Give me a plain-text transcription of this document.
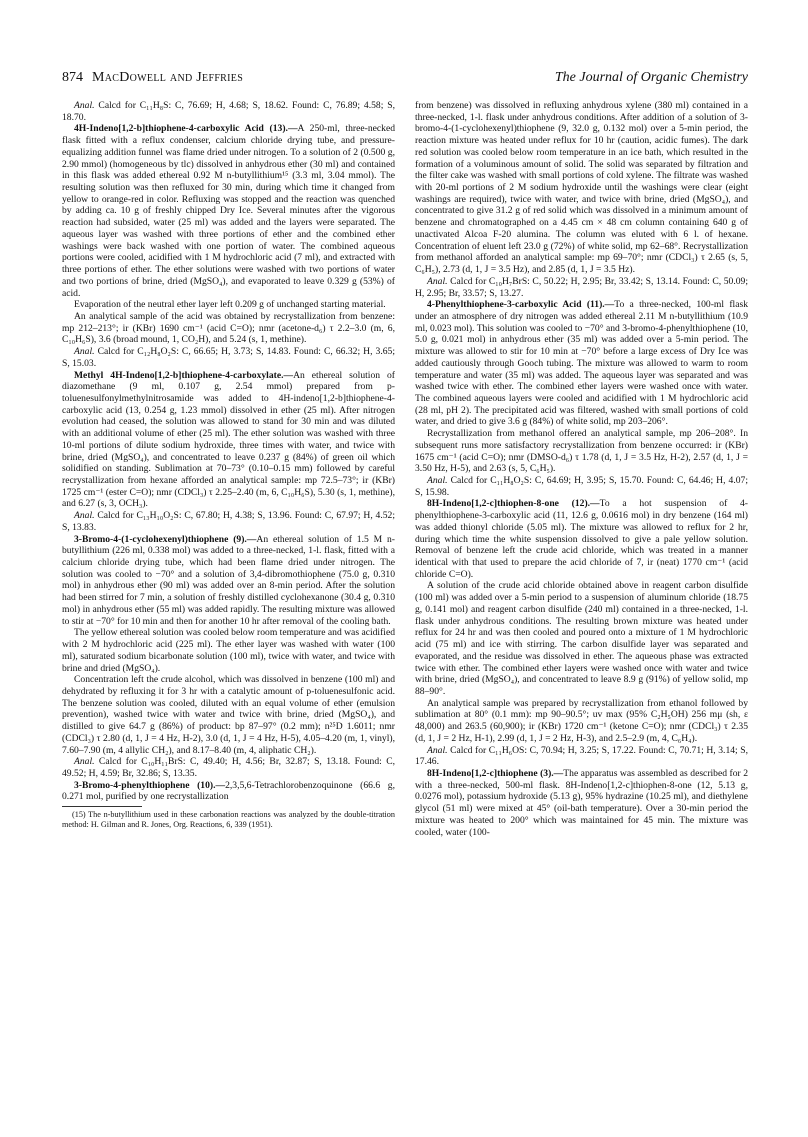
874 MacDowell and Jeffries	The Journal of Organic Chemistry

Anal. Calcd for C₁₁H₈S: C, 76.69; H, 4.68; S, 18.62. Found: C, 76.89; 4.58; S, 18.70.

4H-Indeno[1,2-b]thiophene-4-carboxylic Acid (13).—A 250-ml, three-necked flask fitted with a reflux condenser, calcium chloride drying tube, and pressure-equalizing addition funnel was flame dried under nitrogen. To a solution of 2 (0.500 g, 2.90 mmol) (homogeneous by tlc) dissolved in anhydrous ether (30 ml) and contained in this flask was added ethereal 0.92 M n-butyllithium¹⁵ (3.3 ml, 3.04 mmol). The resulting solution was then refluxed for 30 min, during which time it changed from yellow to orange-red in color. Refluxing was stopped and the reaction was quenched by adding ca. 10 g of freshly chipped Dry Ice. Several minutes after the vigorous reaction had subsided, water (25 ml) was added and the layers were separated. The aqueous layer was washed with three portions of ether and the combined ether washings were back washed with one portion of water. The combined aqueous portions were cooled, acidified with 1 M hydrochloric acid (7 ml), and extracted with three portions of ether. The ether solutions were washed with two portions of water and two portions of brine, dried (MgSO₄), and evaporated to leave 0.329 g (53%) of acid.

Evaporation of the neutral ether layer left 0.209 g of unchanged starting material.

An analytical sample of the acid was obtained by recrystallization from benzene: mp 212–213°; ir (KBr) 1690 cm⁻¹ (acid C=O); nmr (acetone-d₆) τ 2.2–3.0 (m, 6, C₁₀H₆S), 3.6 (broad mound, 1, CO₂H), and 5.24 (s, 1, methine).

Anal. Calcd for C₁₂H₈O₂S: C, 66.65; H, 3.73; S, 14.83. Found: C, 66.32; H, 3.65; S, 15.03.

Methyl 4H-Indeno[1,2-b]thiophene-4-carboxylate.—An ethereal solution of diazomethane (9 ml, 0.107 g, 2.54 mmol) prepared from p-toluenesulfonylmethylnitrosamide was added to 4H-indeno[1,2-b]thiophene-4-carboxylic acid (13, 0.254 g, 1.23 mmol) dissolved in ether (25 ml). After nitrogen evolution had ceased, the solution was allowed to stand for 30 min and was diluted with an additional volume of ether (25 ml). The ether solution was washed with three 10-ml portions of dilute sodium hydroxide, three times with water, and twice with brine, dried (MgSO₄), and concentrated to leave 0.237 g (84%) of green oil which solidified on standing. Sublimation at 70–73° (0.10–0.15 mm) followed by careful recrystallization from hexane afforded an analytical sample: mp 72.5–73°; ir (KBr) 1725 cm⁻¹ (ester C=O); nmr (CDCl₃) τ 2.25–2.40 (m, 6, C₁₀H₆S), 5.30 (s, 1, methine), and 6.27 (s, 3, OCH₃).

Anal. Calcd for C₁₃H₁₀O₂S: C, 67.80; H, 4.38; S, 13.96. Found: C, 67.97; H, 4.52; S, 13.83.

3-Bromo-4-(1-cyclohexenyl)thiophene (9).—An ethereal solution of 1.5 M n-butyllithium (226 ml, 0.338 mol) was added to a three-necked, 1-l. flask, fitted with a calcium chloride drying tube, which had been flame dried under nitrogen. The solution was cooled to −70° and a solution of 3,4-dibromothiophene (75.0 g, 0.310 mol) in anhydrous ether (90 ml) was added over an 8-min period. After the solution had been stirred for 7 min, a solution of freshly distilled cyclohexanone (30.4 g, 0.310 mol) in anhydrous ether (55 ml) was added rapidly. The resulting mixture was allowed to stir at −70° for 10 min and then for another 10 hr after removal of the cooling bath.

The yellow ethereal solution was cooled below room temperature and was acidified with 2 M hydrochloric acid (225 ml). The ether layer was washed with water (100 ml), saturated sodium bicarbonate solution (100 ml), twice with water, and twice with brine and dried (MgSO₄).

Concentration left the crude alcohol, which was dissolved in benzene (100 ml) and dehydrated by refluxing it for 3 hr with a catalytic amount of p-toluenesulfonic acid. The benzene solution was cooled, diluted with an equal volume of ether (emulsion prevention), washed twice with water and twice with brine, dried (MgSO₄), and distilled to give 64.7 g (86%) of product: bp 87–97° (0.2 mm); n²⁵D 1.6011; nmr (CDCl₃) τ 2.80 (d, 1, J = 4 Hz, H-2), 3.0 (d, 1, J = 4 Hz, H-5), 4.05–4.20 (m, 1, vinyl), 7.60–7.90 (m, 4 allylic CH₂), and 8.17–8.40 (m, 4, aliphatic CH₂).

Anal. Calcd for C₁₀H₁₁BrS: C, 49.40; H, 4.56; Br, 32.87; S, 13.18. Found: C, 49.52; H, 4.59; Br, 32.86; S, 13.35.

3-Bromo-4-phenylthiophene (10).—2,3,5,6-Tetrachlorobenzoquinone (66.6 g, 0.271 mol, purified by one recrystallization

(15) The n-butyllithium used in these carbonation reactions was analyzed by the double-titration method: H. Gilman and R. Jones, Org. Reactions, 6, 339 (1951).

from benzene) was dissolved in refluxing anhydrous xylene (380 ml) contained in a three-necked, 1-l. flask under anhydrous conditions. After addition of a solution of 3-bromo-4-(1-cyclohexenyl)thiophene (9, 32.0 g, 0.132 mol) over a 5-min period, the reaction mixture was heated under reflux for 10 hr (caution, acidic fumes). The dark red solution was cooled below room temperature in an ice bath, which resulted in the formation of a voluminous amount of solid. The solid was separated by filtration and the filter cake was washed with small portions of cold xylene. The filtrate was washed with 20-ml portions of 2 M sodium hydroxide until the washings were clear (eight washings are required), twice with water, and twice with brine, dried (MgSO₄), and concentrated to give 31.2 g of red solid which was dissolved in a minimum amount of benzene and chromatographed on a 4.45 cm × 48 cm column containing 640 g of unactivated Alcoa F-20 alumina. The column was eluted with 6 l. of hexane. Concentration of eluent left 23.0 g (72%) of white solid, mp 62–68°. Recrystallization from methanol afforded an analytical sample: mp 69–70°; nmr (CDCl₃) τ 2.65 (s, 5, C₆H₅), 2.73 (d, 1, J = 3.5 Hz), and 2.85 (d, 1, J = 3.5 Hz).

Anal. Calcd for C₁₀H₇BrS: C, 50.22; H, 2.95; Br, 33.42; S, 13.14. Found: C, 50.09; H, 2.95; Br, 33.57; S, 13.27.

4-Phenylthiophene-3-carboxylic Acid (11).—To a three-necked, 100-ml flask under an atmosphere of dry nitrogen was added ethereal 2.11 M n-butyllithium (10.9 ml, 0.023 mol). This solution was cooled to −70° and 3-bromo-4-phenylthiophene (10, 5.0 g, 0.021 mol) in anhydrous ether (35 ml) was added over a 5-min period. The mixture was allowed to stir for 10 min at −70° before a large excess of Dry Ice was added cautiously through Gooch tubing. The mixture was allowed to warm to room temperature and water (35 ml) was added. The aqueous layer was separated and was washed twice with ether. The combined ether layers were washed once with water. The combined aqueous layers were cooled and acidified with 1 M hydrochloric acid (28 ml, pH 2). The precipitated acid was filtered, washed with small portions of cold water, and dried to give 3.6 g (84%) of white solid, mp 203–206°.

Recrystallization from methanol offered an analytical sample, mp 206–208°. In subsequent runs more satisfactory recrystallization from benzene occurred: ir (KBr) 1675 cm⁻¹ (acid C=O); nmr (DMSO-d₆) τ 1.78 (d, 1, J = 3.5 Hz, H-2), 2.57 (d, 1, J = 3.50 Hz, H-5), and 2.63 (s, 5, C₆H₅).

Anal. Calcd for C₁₁H₈O₂S: C, 64.69; H, 3.95; S, 15.70. Found: C, 64.46; H, 4.07; S, 15.98.

8H-Indeno[1,2-c]thiophen-8-one (12).—To a hot suspension of 4-phenylthiophene-3-carboxylic acid (11, 12.6 g, 0.0616 mol) in dry benzene (164 ml) was added thionyl chloride (5.05 ml). The mixture was allowed to reflux for 2 hr, during which time the white suspension dissolved to give a pale yellow solution. Removal of benzene left the crude acid chloride, which was treated in a manner identical with that used to prepare the acid chloride of 7, ir (neat) 1770 cm⁻¹ (acid chloride C=O).

A solution of the crude acid chloride obtained above in reagent carbon disulfide (100 ml) was added over a 5-min period to a suspension of aluminum chloride (18.75 g, 0.141 mol) and reagent carbon disulfide (240 ml) contained in a three-necked, 1-l. flask under anhydrous conditions. The resulting brown mixture was heated under reflux for 24 hr and was then cooled and poured onto a mixture of 1 M hydrochloric acid (75 ml) and ice with stirring. The carbon disulfide layer was separated and evaporated, and the residue was dissolved in ether. The aqueous phase was extracted twice with ether. The combined ether layers were washed once with water and twice with brine, dried (MgSO₄), and concentrated to leave 8.9 g (91%) of yellow solid, mp 88–90°.

An analytical sample was prepared by recrystallization from ethanol followed by sublimation at 80° (0.1 mm): mp 90–90.5°; uv max (95% C₂H₅OH) 256 mμ (sh, ε 48,000) and 263.5 (60,900); ir (KBr) 1720 cm⁻¹ (ketone C=O); nmr (CDCl₃) τ 2.35 (d, 1, J = 2 Hz, H-1), 2.99 (d, 1, J = 2 Hz, H-3), and 2.5–2.9 (m, 4, C₆H₄).

Anal. Calcd for C₁₁H₆OS: C, 70.94; H, 3.25; S, 17.22. Found: C, 70.71; H, 3.14; S, 17.46.

8H-Indeno[1,2-c]thiophene (3).—The apparatus was assembled as described for 2 with a three-necked, 500-ml flask. 8H-Indeno[1,2-c]thiophen-8-one (12, 5.13 g, 0.0276 mol), potassium hydroxide (5.13 g), 95% hydrazine (10.25 ml), and diethylene glycol (51 ml) were mixed at 45° (oil-bath temperature). Over a 30-min period the mixture was heated to 200° which was maintained for 45 min. The mixture was cooled, water (100-
